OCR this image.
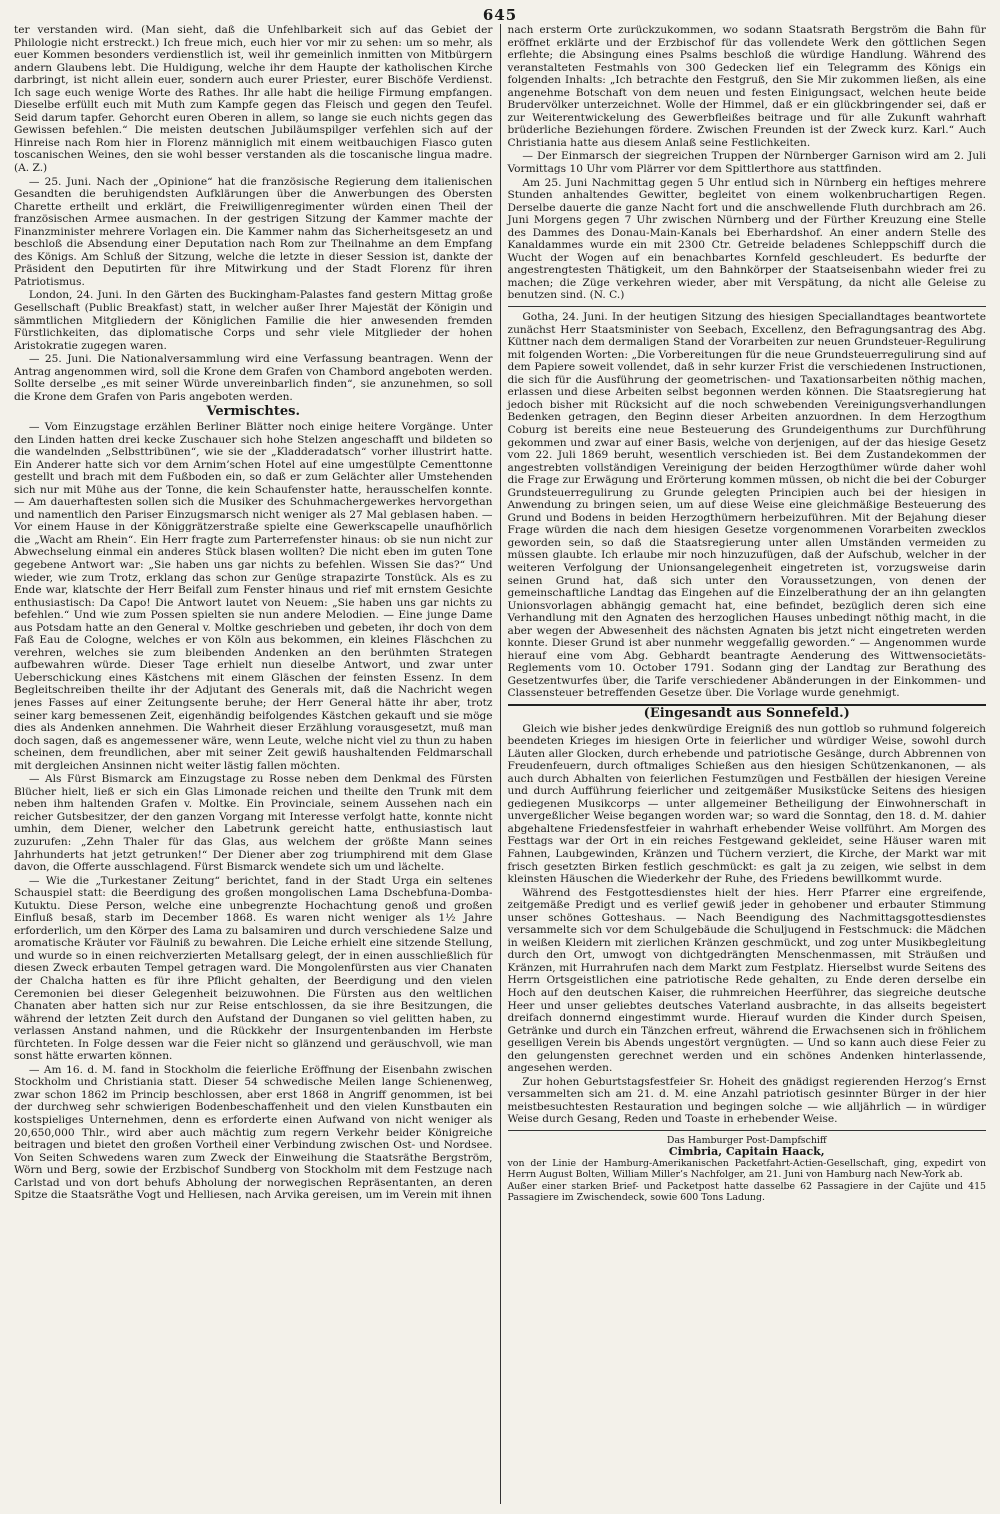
645

ter verstanden wird. (Man sieht, daß die Unfehlbarkeit sich auf das Gebiet der Philologie nicht erstreckt.) Ich freue mich, euch hier vor mir zu sehen: um so mehr, als euer Kommen besonders verdienstlich ist, weil ihr gemeinlich inmitten von Mitbürgern andern Glaubens lebt. Die Huldigung, welche ihr dem Haupte der katholischen Kirche darbringt, ist nicht allein euer, sondern auch eurer Priester, eurer Bischöfe Verdienst. Ich sage euch wenige Worte des Rathes. Ihr alle habt die heilige Firmung empfangen. Dieselbe erfüllt euch mit Muth zum Kampfe gegen das Fleisch und gegen den Teufel. Seid darum tapfer. Gehorcht euren Oberen in allem, so lange sie euch nichts gegen das Gewissen befehlen.“ Die meisten deutschen Jubiläumspilger verfehlen sich auf der Hinreise nach Rom hier in Florenz männiglich mit einem weitbauchigen Fiasco guten toscanischen Weines, den sie wohl besser verstanden als die toscanische lingua madre. (A. Z.)

— 25. Juni. Nach der „Opinione“ hat die französische Regierung dem italienischen Gesandten die beruhigendsten Aufklärungen über die Anwerbungen des Obersten Charette ertheilt und erklärt, die Freiwilligenregimenter würden einen Theil der französischen Armee ausmachen. In der gestrigen Sitzung der Kammer machte der Finanzminister mehrere Vorlagen ein. Die Kammer nahm das Sicherheitsgesetz an und beschloß die Absendung einer Deputation nach Rom zur Theilnahme an dem Empfang des Königs. Am Schluß der Sitzung, welche die letzte in dieser Session ist, dankte der Präsident den Deputirten für ihre Mitwirkung und der Stadt Florenz für ihren Patriotismus.

London, 24. Juni. In den Gärten des Buckingham-Palastes fand gestern Mittag große Gesellschaft (Public Breakfast) statt, in welcher außer Ihrer Majestät der Königin und sämmtlichen Mitgliedern der Königlichen Familie die hier anwesenden fremden Fürstlichkeiten, das diplomatische Corps und sehr viele Mitglieder der hohen Aristokratie zugegen waren.

— 25. Juni. Die Nationalversammlung wird eine Verfassung beantragen. Wenn der Antrag angenommen wird, soll die Krone dem Grafen von Chambord angeboten werden. Sollte derselbe „es mit seiner Würde unvereinbarlich finden“, sie anzunehmen, so soll die Krone dem Grafen von Paris angeboten werden.

Vermischtes.

— Vom Einzugstage erzählen Berliner Blätter noch einige heitere Vorgänge. Unter den Linden hatten drei kecke Zuschauer sich hohe Stelzen angeschafft und bildeten so die wandelnden „Selbsttribünen“, wie sie der „Kladderadatsch“ vorher illustrirt hatte. Ein Anderer hatte sich vor dem Arnim’schen Hotel auf eine umgestülpte Cementtonne gestellt und brach mit dem Fußboden ein, so daß er zum Gelächter aller Umstehenden sich nur mit Mühe aus der Tonne, die kein Schaufenster hatte, herausschelfen konnte. — Am dauerhaftesten sollen sich die Musiker des Schuhmachergewerkes hervorgethan und namentlich den Pariser Einzugsmarsch nicht weniger als 27 Mal geblasen haben. — Vor einem Hause in der Königgrätzerstraße spielte eine Gewerkscapelle unaufhörlich die „Wacht am Rhein“. Ein Herr fragte zum Parterrefenster hinaus: ob sie nun nicht zur Abwechselung einmal ein anderes Stück blasen wollten? Die nicht eben im guten Tone gegebene Antwort war: „Sie haben uns gar nichts zu befehlen. Wissen Sie das?“ Und wieder, wie zum Trotz, erklang das schon zur Genüge strapazirte Tonstück. Als es zu Ende war, klatschte der Herr Beifall zum Fenster hinaus und rief mit ernstem Gesichte enthusiastisch: Da Capo! Die Antwort lautet von Neuem: „Sie haben uns gar nichts zu befehlen.“ Und wie zum Possen spielten sie nun andere Melodien. — Eine junge Dame aus Potsdam hatte an den General v. Moltke geschrieben und gebeten, ihr doch von dem Faß Eau de Cologne, welches er von Köln aus bekommen, ein kleines Fläschchen zu verehren, welches sie zum bleibenden Andenken an den berühmten Strategen aufbewahren würde. Dieser Tage erhielt nun dieselbe Antwort, und zwar unter Ueberschickung eines Kästchens mit einem Gläschen der feinsten Essenz. In dem Begleitschreiben theilte ihr der Adjutant des Generals mit, daß die Nachricht wegen jenes Fasses auf einer Zeitungsente beruhe; der Herr General hätte ihr aber, trotz seiner karg bemessenen Zeit, eigenhändig beifolgendes Kästchen gekauft und sie möge dies als Andenken annehmen. Die Wahrheit dieser Erzählung vorausgesetzt, muß man doch sagen, daß es angemessener wäre, wenn Leute, welche nicht viel zu thun zu haben scheinen, dem freundlichen, aber mit seiner Zeit gewiß haushaltenden Feldmarschall mit dergleichen Ansinnen nicht weiter lästig fallen möchten.

— Als Fürst Bismarck am Einzugstage zu Rosse neben dem Denkmal des Fürsten Blücher hielt, ließ er sich ein Glas Limonade reichen und theilte den Trunk mit dem neben ihm haltenden Grafen v. Moltke. Ein Provinciale, seinem Aussehen nach ein reicher Gutsbesitzer, der den ganzen Vorgang mit Interesse verfolgt hatte, konnte nicht umhin, dem Diener, welcher den Labetrunk gereicht hatte, enthusiastisch laut zuzurufen: „Zehn Thaler für das Glas, aus welchem der größte Mann seines Jahrhunderts hat jetzt getrunken!“ Der Diener aber zog triumphirend mit dem Glase davon, die Offerte ausschlagend. Fürst Bismarck wendete sich um und lächelte.

— Wie die „Turkestaner Zeitung“ berichtet, fand in der Stadt Urga ein seltenes Schauspiel statt: die Beerdigung des großen mongolischen Lama Dschebfuna-Domba-Kutuktu. Diese Person, welche eine unbegrenzte Hochachtung genoß und großen Einfluß besaß, starb im December 1868. Es waren nicht weniger als 1½ Jahre erforderlich, um den Körper des Lama zu balsamiren und durch verschiedene Salze und aromatische Kräuter vor Fäulniß zu bewahren. Die Leiche erhielt eine sitzende Stellung, und wurde so in einen reichverzierten Metallsarg gelegt, der in einen ausschließlich für diesen Zweck erbauten Tempel getragen ward. Die Mongolenfürsten aus vier Chanaten der Chalcha hatten es für ihre Pflicht gehalten, der Beerdigung und den vielen Ceremonien bei dieser Gelegenheit beizuwohnen. Die Fürsten aus den weltlichen Chanaten aber hatten sich nur zur Reise entschlossen, da sie ihre Besitzungen, die während der letzten Zeit durch den Aufstand der Dunganen so viel gelitten haben, zu verlassen Anstand nahmen, und die Rückkehr der Insurgentenbanden im Herbste fürchteten. In Folge dessen war die Feier nicht so glänzend und geräuschvoll, wie man sonst hätte erwarten können.

— Am 16. d. M. fand in Stockholm die feierliche Eröffnung der Eisenbahn zwischen Stockholm und Christiania statt. Dieser 54 schwedische Meilen lange Schienenweg, zwar schon 1862 im Princip beschlossen, aber erst 1868 in Angriff genommen, ist bei der durchweg sehr schwierigen Bodenbeschaffenheit und den vielen Kunstbauten ein kostspieliges Unternehmen, denn es erforderte einen Aufwand von nicht weniger als 20,650,000 Thlr., wird aber auch mächtig zum regern Verkehr beider Königreiche beitragen und bietet den großen Vortheil einer Verbindung zwischen Ost- und Nordsee. Von Seiten Schwedens waren zum Zweck der Einweihung die Staatsräthe Bergström, Wörn und Berg, sowie der Erzbischof Sundberg von Stockholm mit dem Festzuge nach Carlstad und von dort behufs Abholung der norwegischen Repräsentanten, an deren Spitze die Staatsräthe Vogt und Helliesen, nach Arvika gereisen, um im Verein mit ihnen

nach ersterm Orte zurückzukommen, wo sodann Staatsrath Bergström die Bahn für eröffnet erklärte und der Erzbischof für das vollendete Werk den göttlichen Segen erflehte; die Absingung eines Psalms beschloß die würdige Handlung. Während des veranstalteten Festmahls von 300 Gedecken lief ein Telegramm des Königs ein folgenden Inhalts: „Ich betrachte den Festgruß, den Sie Mir zukommen ließen, als eine angenehme Botschaft von dem neuen und festen Einigungsact, welchen heute beide Brudervölker unterzeichnet. Wolle der Himmel, daß er ein glückbringender sei, daß er zur Weiterentwickelung des Gewerbfleißes beitrage und für alle Zukunft wahrhaft brüderliche Beziehungen fördere. Zwischen Freunden ist der Zweck kurz. Karl.“ Auch Christiania hatte aus diesem Anlaß seine Festlichkeiten.

— Der Einmarsch der siegreichen Truppen der Nürnberger Garnison wird am 2. Juli Vormittags 10 Uhr vom Plärrer vor dem Spittlerthore aus stattfinden.

Am 25. Juni Nachmittag gegen 5 Uhr entlud sich in Nürnberg ein heftiges mehrere Stunden anhaltendes Gewitter, begleitet von einem wolkenbruchartigen Regen. Derselbe dauerte die ganze Nacht fort und die anschwellende Fluth durchbrach am 26. Juni Morgens gegen 7 Uhr zwischen Nürnberg und der Fürther Kreuzung eine Stelle des Dammes des Donau-Main-Kanals bei Eberhardshof. An einer andern Stelle des Kanaldammes wurde ein mit 2300 Ctr. Getreide beladenes Schleppschiff durch die Wucht der Wogen auf ein benachbartes Kornfeld geschleudert. Es bedurfte der angestrengtesten Thätigkeit, um den Bahnkörper der Staatseisenbahn wieder frei zu machen; die Züge verkehren wieder, aber mit Verspätung, da nicht alle Geleise zu benutzen sind. (N. C.)

Gotha, 24. Juni. In der heutigen Sitzung des hiesigen Speciallandtages beantwortete zunächst Herr Staatsminister von Seebach, Excellenz, den Befragungsantrag des Abg. Küttner nach dem dermaligen Stand der Vorarbeiten zur neuen Grundsteuer-Regulirung mit folgenden Worten: „Die Vorbereitungen für die neue Grundsteuerregulirung sind auf dem Papiere soweit vollendet, daß in sehr kurzer Frist die verschiedenen Instructionen, die sich für die Ausführung der geometrischen- und Taxationsarbeiten nöthig machen, erlassen und diese Arbeiten selbst begonnen werden können. Die Staatsregierung hat jedoch bisher mit Rücksicht auf die noch schwebenden Vereinigungsverhandlungen Bedenken getragen, den Beginn dieser Arbeiten anzuordnen. In dem Herzogthum Coburg ist bereits eine neue Besteuerung des Grundeigenthums zur Durchführung gekommen und zwar auf einer Basis, welche von derjenigen, auf der das hiesige Gesetz vom 22. Juli 1869 beruht, wesentlich verschieden ist. Bei dem Zustandekommen der angestrebten vollständigen Vereinigung der beiden Herzogthümer würde daher wohl die Frage zur Erwägung und Erörterung kommen müssen, ob nicht die bei der Coburger Grundsteuerregulirung zu Grunde gelegten Principien auch bei der hiesigen in Anwendung zu bringen seien, um auf diese Weise eine gleichmäßige Besteuerung des Grund und Bodens in beiden Herzogthümern herbeizuführen. Mit der Bejahung dieser Frage würden die nach dem hiesigen Gesetze vorgenommenen Vorarbeiten zwecklos geworden sein, so daß die Staatsregierung unter allen Umständen vermeiden zu müssen glaubte. Ich erlaube mir noch hinzuzufügen, daß der Aufschub, welcher in der weiteren Verfolgung der Unionsangelegenheit eingetreten ist, vorzugsweise darin seinen Grund hat, daß sich unter den Voraussetzungen, von denen der gemeinschaftliche Landtag das Eingehen auf die Einzelberathung der an ihn gelangten Unionsvorlagen abhängig gemacht hat, eine befindet, bezüglich deren sich eine Verhandlung mit den Agnaten des herzoglichen Hauses unbedingt nöthig macht, in die aber wegen der Abwesenheit des nächsten Agnaten bis jetzt nicht eingetreten werden konnte. Dieser Grund ist aber nunmehr weggefallig geworden.“ — Angenommen wurde hierauf eine vom Abg. Gebhardt beantragte Aenderung des Wittwensocietäts-Reglements vom 10. October 1791. Sodann ging der Landtag zur Berathung des Gesetzentwurfes über, die Tarife verschiedener Abänderungen in der Einkommen- und Classensteuer betreffenden Gesetze über. Die Vorlage wurde genehmigt.

(Eingesandt aus Sonnefeld.)

Gleich wie bisher jedes denkwürdige Ereigniß des nun gottlob so ruhmund folgereich beendeten Krieges im hiesigen Orte in feierlicher und würdiger Weise, sowohl durch Läuten aller Glocken, durch erhebende und patriotische Gesänge, durch Abbrennen von Freudenfeuern, durch oftmaliges Schießen aus den hiesigen Schützenkanonen, — als auch durch Abhalten von feierlichen Festumzügen und Festbällen der hiesigen Vereine und durch Aufführung feierlicher und zeitgemäßer Musikstücke Seitens des hiesigen gediegenen Musikcorps — unter allgemeiner Betheiligung der Einwohnerschaft in unvergeßlicher Weise begangen worden war; so ward die Sonntag, den 18. d. M. dahier abgehaltene Friedensfestfeier in wahrhaft erhebender Weise vollführt. Am Morgen des Festtags war der Ort in ein reiches Festgewand gekleidet, seine Häuser waren mit Fahnen, Laubgewinden, Kränzen und Tüchern verziert, die Kirche, der Markt war mit frisch gesetzten Birken festlich geschmückt: es galt ja zu zeigen, wie selbst in dem kleinsten Häuschen die Wiederkehr der Ruhe, des Friedens bewillkommt wurde.

Während des Festgottesdienstes hielt der hies. Herr Pfarrer eine ergreifende, zeitgemäße Predigt und es verlief gewiß jeder in gehobener und erbauter Stimmung unser schönes Gotteshaus. — Nach Beendigung des Nachmittagsgottesdienstes versammelte sich vor dem Schulgebäude die Schuljugend in Festschmuck: die Mädchen in weißen Kleidern mit zierlichen Kränzen geschmückt, und zog unter Musikbegleitung durch den Ort, umwogt von dichtgedrängten Menschenmassen, mit Sträußen und Kränzen, mit Hurrahrufen nach dem Markt zum Festplatz. Hierselbst wurde Seitens des Herrn Ortsgeistlichen eine patriotische Rede gehalten, zu Ende deren derselbe ein Hoch auf den deutschen Kaiser, die ruhmreichen Heerführer, das siegreiche deutsche Heer und unser geliebtes deutsches Vaterland ausbrachte, in das allseits begeistert dreifach donnernd eingestimmt wurde. Hierauf wurden die Kinder durch Speisen, Getränke und durch ein Tänzchen erfreut, während die Erwachsenen sich in fröhlichem geselligen Verein bis Abends ungestört vergnügten. — Und so kann auch diese Feier zu den gelungensten gerechnet werden und ein schönes Andenken hinterlassende, angesehen werden.

Zur hohen Geburtstagsfestfeier Sr. Hoheit des gnädigst regierenden Herzog’s Ernst versammelten sich am 21. d. M. eine Anzahl patriotisch gesinnter Bürger in der hier meistbesuchtesten Restauration und begingen solche — wie alljährlich — in würdiger Weise durch Gesang, Reden und Toaste in erhebender Weise.

Das Hamburger Post-Dampfschiff
Cimbria, Capitain Haack,
von der Linie der Hamburg-Amerikanischen Packetfahrt-Actien-Gesellschaft, ging, expedirt von Herrn August Bolten, William Miller’s Nachfolger, am 21. Juni von Hamburg nach New-York ab.
Außer einer starken Brief- und Packetpost hatte dasselbe 62 Passagiere in der Cajüte und 415 Passagiere im Zwischendeck, sowie 600 Tons Ladung.
